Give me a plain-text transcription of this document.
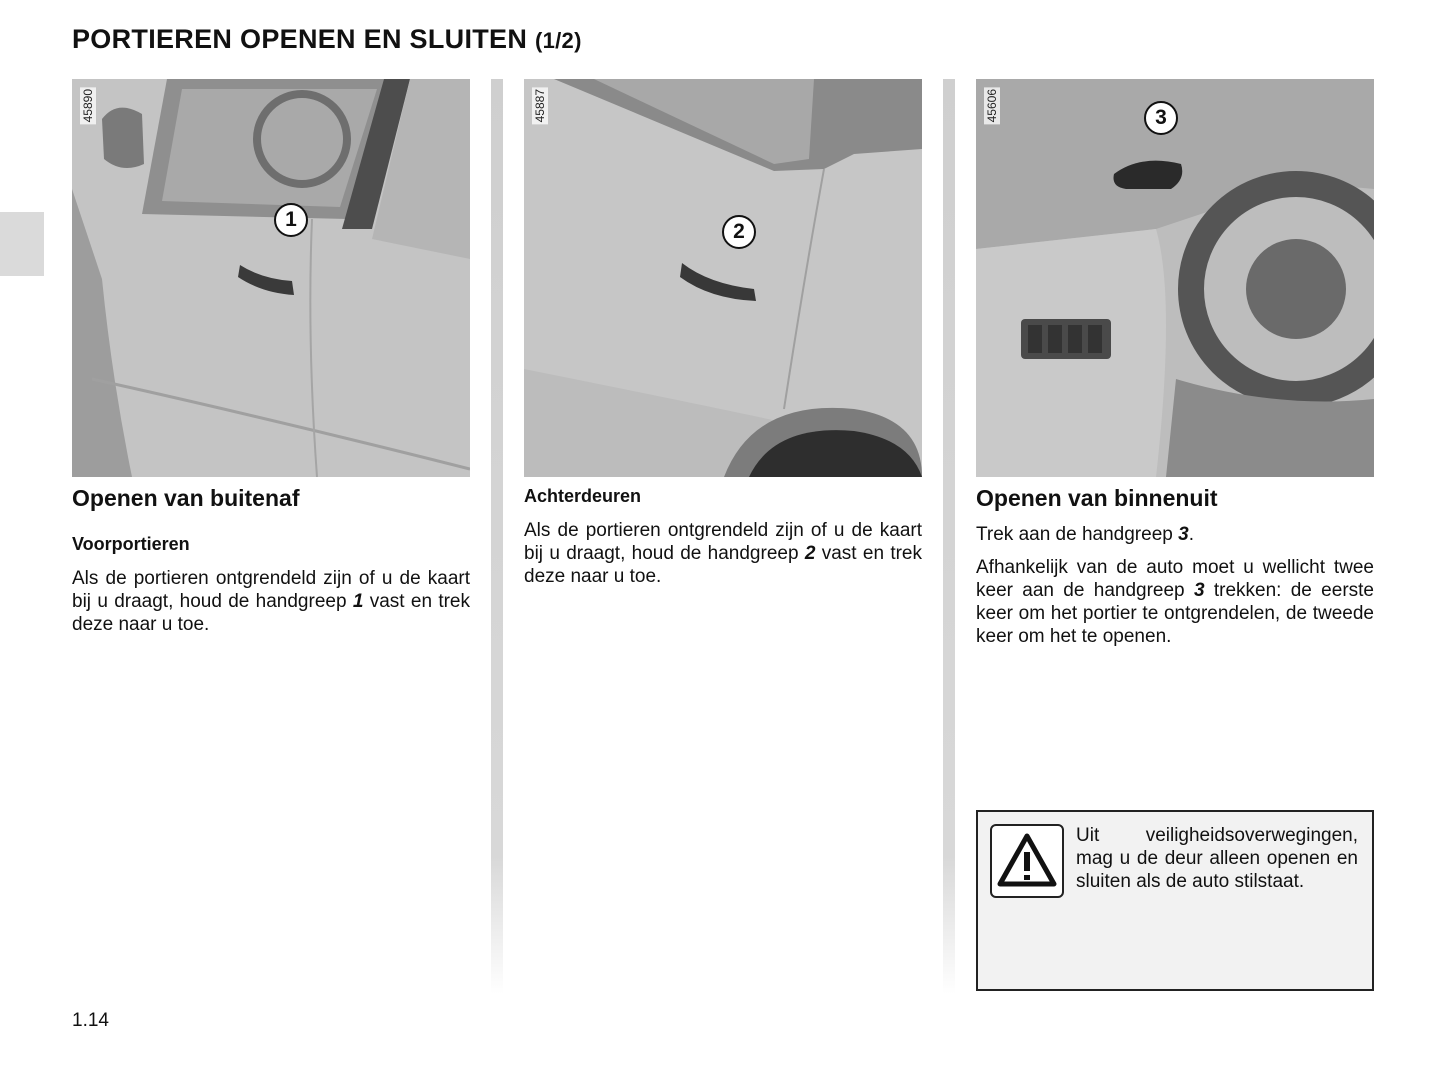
PORTIEREN OPENEN EN SLUITEN (1/2)
45890
1
45887
2
45606	3
Openen van buitenaf
Voorportieren

Als de portieren ontgrendeld zijn of u de kaart bij u draagt, houd de handgreep 1 vast en trek deze naar u toe.

Achterdeuren

Als de portieren ontgrendeld zijn of u de kaart bij u draagt, houd de handgreep 2 vast en trek deze naar u toe.

Openen van binnenuit

Trek aan de handgreep 3.

Afhankelijk van de auto moet u wellicht twee keer aan de handgreep 3 trekken: de eerste keer om het portier te ontgrendelen, de tweede keer om het te openen.

Uit veiligheidsoverwegingen, mag u de deur alleen openen en sluiten als de auto stilstaat.

1.14
